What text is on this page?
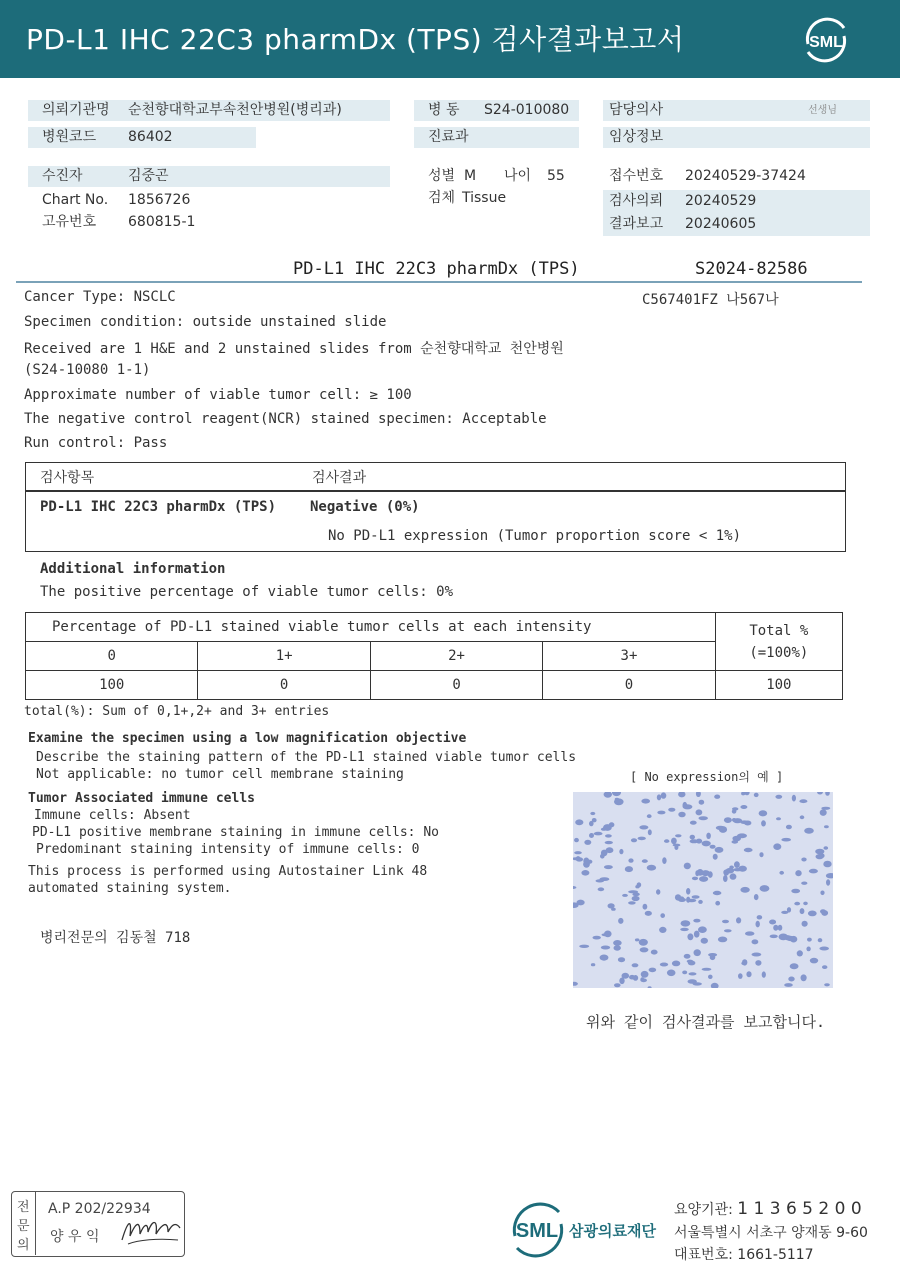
PD-L1 IHC 22C3 pharmDx (TPS) 검사결과보고서	SML
의뢰기관명 순천향대학교부속천안병원(병리과)	병 동 S24-010080	담당의사	선생님
병원코드 86402	진료과	임상정보
수진자	김중곤	성별 M 나이 55	접수번호 20240529-37424
Chart No. 1856726	검체 Tissue	검사의뢰 20240529
결과보고 20240605
고유번호 680815-1
PD-L1 IHC 22C3 pharmDx (TPS)	S2024-82586
C567401FZ 나567나
Cancer Type: NSCLC
Specimen condition: outside unstained slide
Received are 1 H&E and 2 unstained slides from 순천향대학교 천안병원
(S24-10080 1-1)
Approximate number of viable tumor cell: ≥ 100
The negative control reagent(NCR) stained specimen: Acceptable
Run control: Pass
검사항목	검사결과
PD-L1 IHC 22C3 pharmDx (TPS) Negative (0%)
No PD-L1 expression (Tumor proportion score < 1%)
Additional information
The positive percentage of viable tumor cells: 0%
Percentage of PD-L1 stained viable tumor cells at each intensity				Total %
(=100%)

0	1+	2+	3+	
100	0	0	0	100
total(%): Sum of 0,1+,2+ and 3+ entries
Examine the specimen using a low magnification objective
Describe the staining pattern of the PD-L1 stained viable tumor cells
Not applicable: no tumor cell membrane staining	[ No expression의 예 ]
Tumor Associated immune cells
Immune cells: Absent
PD-L1 positive membrane staining in immune cells: No
Predominant staining intensity of immune cells: 0
This process is performed using Autostainer Link 48
automated staining system.
병리전문의 김동철 718
위와 같이 검사결과를 보고합니다.
전
문
의
A.P 202/22934
양 우 익	SML 삼광의료재단
요양기관: 1 1 3 6 5 2 0 0
서울특별시 서초구 양재동 9-60
대표번호: 1661-5117
